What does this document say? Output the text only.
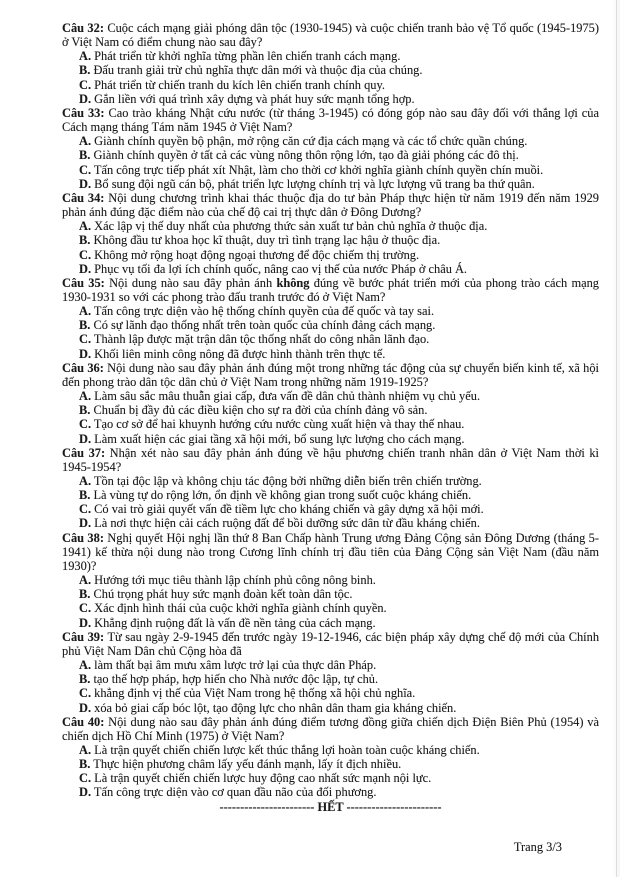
Câu 32: Cuộc cách mạng giải phóng dân tộc (1930-1945) và cuộc chiến tranh bảo vệ Tổ quốc (1945-1975) ở Việt Nam có điểm chung nào sau đây?

A. Phát triển từ khởi nghĩa từng phần lên chiến tranh cách mạng.

B. Đấu tranh giải trừ chủ nghĩa thực dân mới và thuộc địa của chúng.

C. Phát triển từ chiến tranh du kích lên chiến tranh chính quy.

D. Gắn liền với quá trình xây dựng và phát huy sức mạnh tổng hợp.

Câu 33: Cao trào kháng Nhật cứu nước (từ tháng 3-1945) có đóng góp nào sau đây đối với thắng lợi của Cách mạng tháng Tám năm 1945 ở Việt Nam?

A. Giành chính quyền bộ phận, mở rộng căn cứ địa cách mạng và các tổ chức quần chúng.

B. Giành chính quyền ở tất cả các vùng nông thôn rộng lớn, tạo đà giải phóng các đô thị.

C. Tấn công trực tiếp phát xít Nhật, làm cho thời cơ khởi nghĩa giành chính quyền chín muồi.

D. Bổ sung đội ngũ cán bộ, phát triển lực lượng chính trị và lực lượng vũ trang ba thứ quân.

Câu 34: Nội dung chương trình khai thác thuộc địa do tư bản Pháp thực hiện từ năm 1919 đến năm 1929 phản ánh đúng đặc điểm nào của chế độ cai trị thực dân ở Đông Dương?

A. Xác lập vị thế duy nhất của phương thức sản xuất tư bản chủ nghĩa ở thuộc địa.

B. Không đầu tư khoa học kĩ thuật, duy trì tình trạng lạc hậu ở thuộc địa.

C. Không mở rộng hoạt động ngoại thương để độc chiếm thị trường.

D. Phục vụ tối đa lợi ích chính quốc, nâng cao vị thế của nước Pháp ở châu Á.

Câu 35: Nội dung nào sau đây phản ánh không đúng về bước phát triển mới của phong trào cách mạng 1930-1931 so với các phong trào đấu tranh trước đó ở Việt Nam?

A. Tấn công trực diện vào hệ thống chính quyền của đế quốc và tay sai.

B. Có sự lãnh đạo thống nhất trên toàn quốc của chính đảng cách mạng.

C. Thành lập được mặt trận dân tộc thống nhất do công nhân lãnh đạo.

D. Khối liên minh công nông đã được hình thành trên thực tế.

Câu 36: Nội dung nào sau đây phản ánh đúng một trong những tác động của sự chuyển biến kinh tế, xã hội đến phong trào dân tộc dân chủ ở Việt Nam trong những năm 1919-1925?

A. Làm sâu sắc mâu thuẫn giai cấp, đưa vấn đề dân chủ thành nhiệm vụ chủ yếu.

B. Chuẩn bị đầy đủ các điều kiện cho sự ra đời của chính đảng vô sản.

C. Tạo cơ sở để hai khuynh hướng cứu nước cùng xuất hiện và thay thế nhau.

D. Làm xuất hiện các giai tầng xã hội mới, bổ sung lực lượng cho cách mạng.

Câu 37: Nhận xét nào sau đây phản ánh đúng về hậu phương chiến tranh nhân dân ở Việt Nam thời kì 1945-1954?

A. Tồn tại độc lập và không chịu tác động bởi những diễn biến trên chiến trường.

B. Là vùng tự do rộng lớn, ổn định về không gian trong suốt cuộc kháng chiến.

C. Có vai trò giải quyết vấn đề tiềm lực cho kháng chiến và gây dựng xã hội mới.

D. Là nơi thực hiện cải cách ruộng đất để bồi dưỡng sức dân từ đầu kháng chiến.

Câu 38: Nghị quyết Hội nghị lần thứ 8 Ban Chấp hành Trung ương Đảng Cộng sản Đông Dương (tháng 5-1941) kế thừa nội dung nào trong Cương lĩnh chính trị đầu tiên của Đảng Cộng sản Việt Nam (đầu năm 1930)?

A. Hướng tới mục tiêu thành lập chính phủ công nông binh.

B. Chú trọng phát huy sức mạnh đoàn kết toàn dân tộc.

C. Xác định hình thái của cuộc khởi nghĩa giành chính quyền.

D. Khẳng định ruộng đất là vấn đề nền tảng của cách mạng.

Câu 39: Từ sau ngày 2-9-1945 đến trước ngày 19-12-1946, các biện pháp xây dựng chế độ mới của Chính phủ Việt Nam Dân chủ Cộng hòa đã

A. làm thất bại âm mưu xâm lược trở lại của thực dân Pháp.

B. tạo thế hợp pháp, hợp hiến cho Nhà nước độc lập, tự chủ.

C. khẳng định vị thế của Việt Nam trong hệ thống xã hội chủ nghĩa.

D. xóa bỏ giai cấp bóc lột, tạo động lực cho nhân dân tham gia kháng chiến.

Câu 40: Nội dung nào sau đây phản ánh đúng điểm tương đồng giữa chiến dịch Điện Biên Phủ (1954) và chiến dịch Hồ Chí Minh (1975) ở Việt Nam?

A. Là trận quyết chiến chiến lược kết thúc thắng lợi hoàn toàn cuộc kháng chiến.

B. Thực hiện phương châm lấy yếu đánh mạnh, lấy ít địch nhiều.

C. Là trận quyết chiến chiến lược huy động cao nhất sức mạnh nội lực.

D. Tấn công trực diện vào cơ quan đầu não của đối phương.

----------------------- HẾT -----------------------

Trang 3/3
